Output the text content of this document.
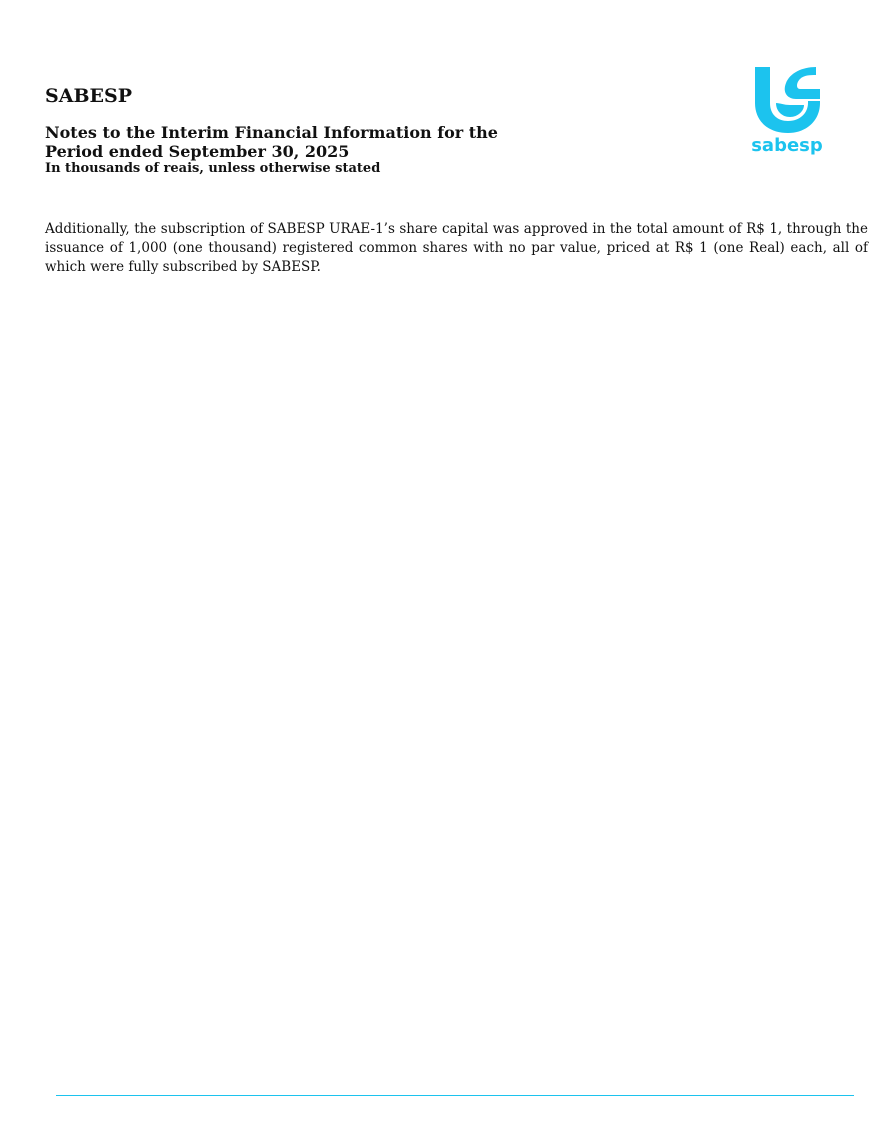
SABESP
Notes to the Interim Financial Information for the
Period ended September 30, 2025

In thousands of reais, unless otherwise stated

sabesp

Additionally, the subscription of SABESP URAE-1’s share capital was approved in the total amount of R$ 1, through the issuance of 1,000 (one thousand) registered common shares with no par value, priced at R$ 1 (one Real) each, all of which were fully subscribed by SABESP.
